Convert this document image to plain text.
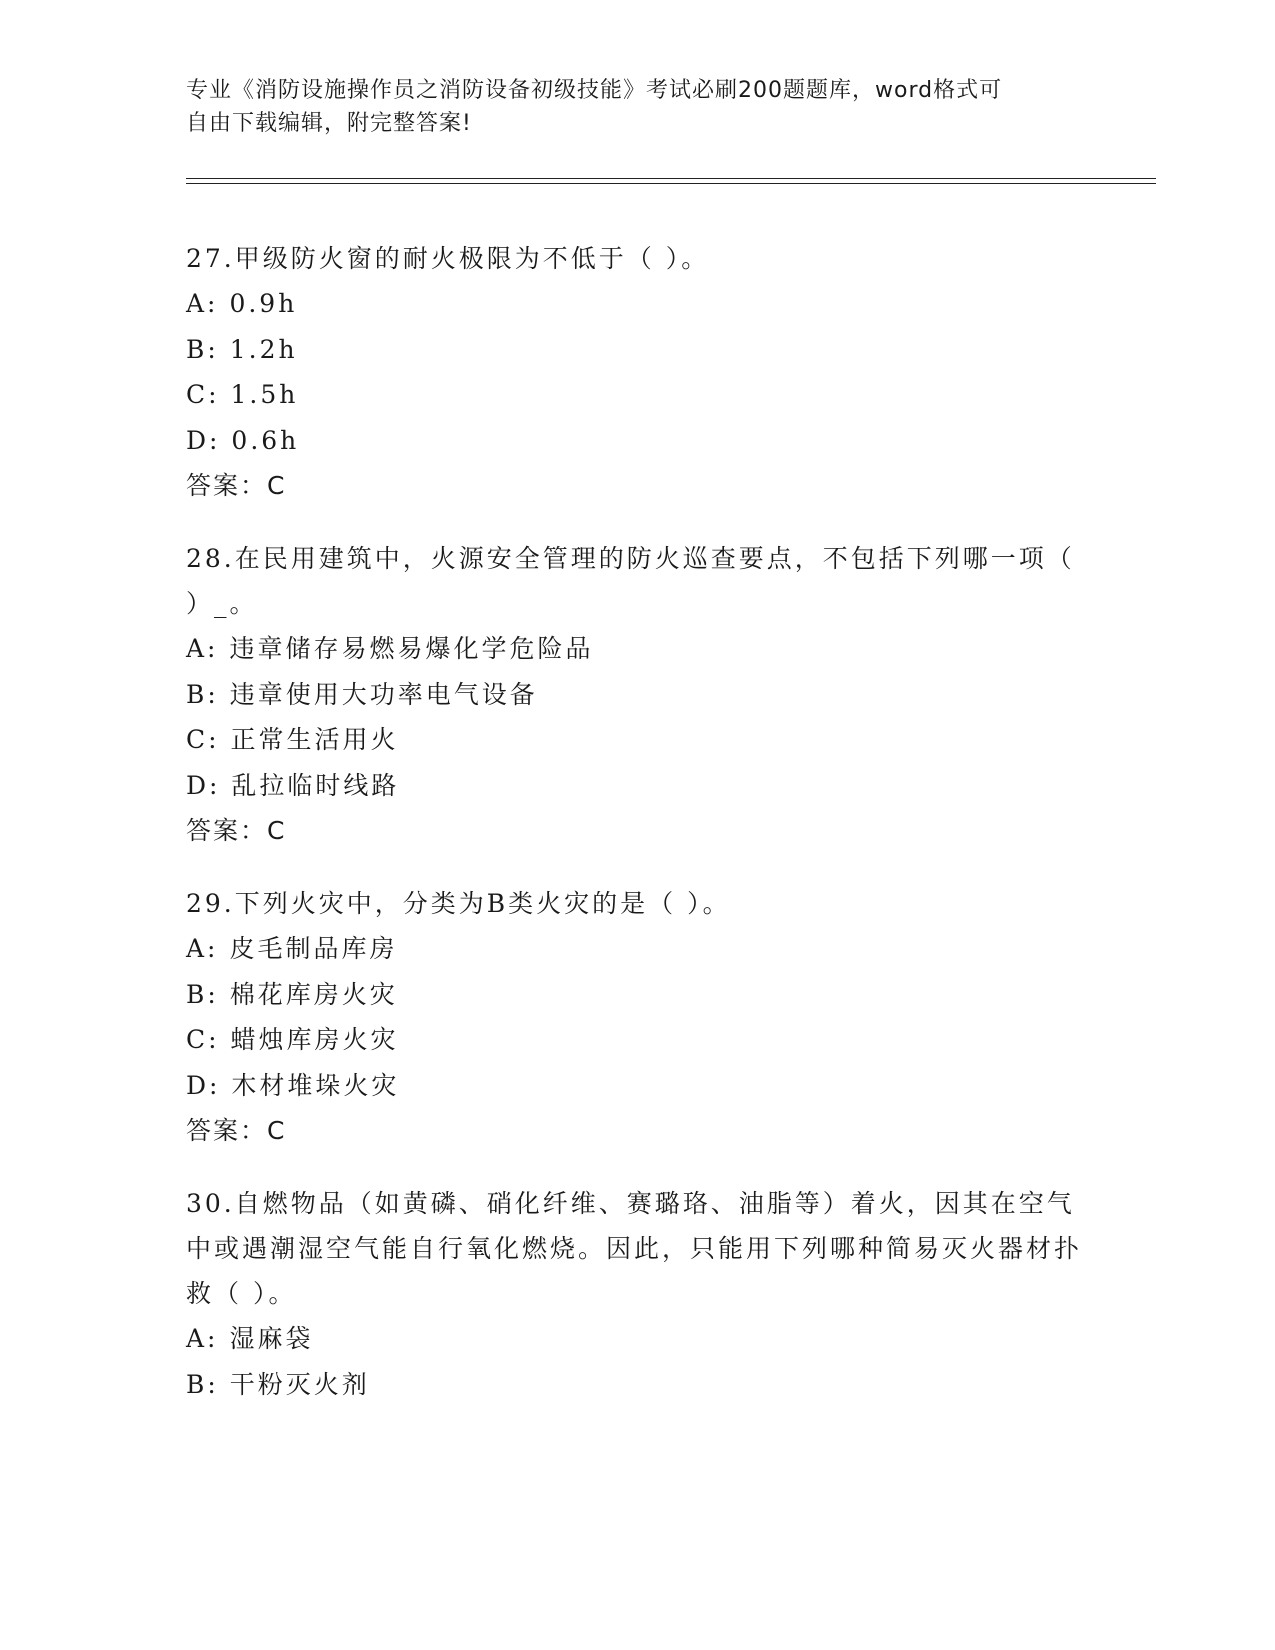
专业《消防设施操作员之消防设备初级技能》考试必刷200题题库，word格式可
自由下载编辑，附完整答案!
27.甲级防火窗的耐火极限为不低于（ ）。
A: 0.9h
B: 1.2h
C: 1.5h
D: 0.6h
答案：C
28.在民用建筑中，火源安全管理的防火巡查要点，不包括下列哪一项（ ）_。
A: 违章储存易燃易爆化学危险品
B: 违章使用大功率电气设备
C: 正常生活用火
D: 乱拉临时线路
答案：C
29.下列火灾中，分类为B类火灾的是（ ）。
A: 皮毛制品库房
B: 棉花库房火灾
C: 蜡烛库房火灾
D: 木材堆垛火灾
答案：C
30.自燃物品（如黄磷、硝化纤维、赛璐珞、油脂等）着火，因其在空气中或遇潮湿空气能自行氧化燃烧。因此，只能用下列哪种简易灭火器材扑救（ ）。
A: 湿麻袋
B: 干粉灭火剂
